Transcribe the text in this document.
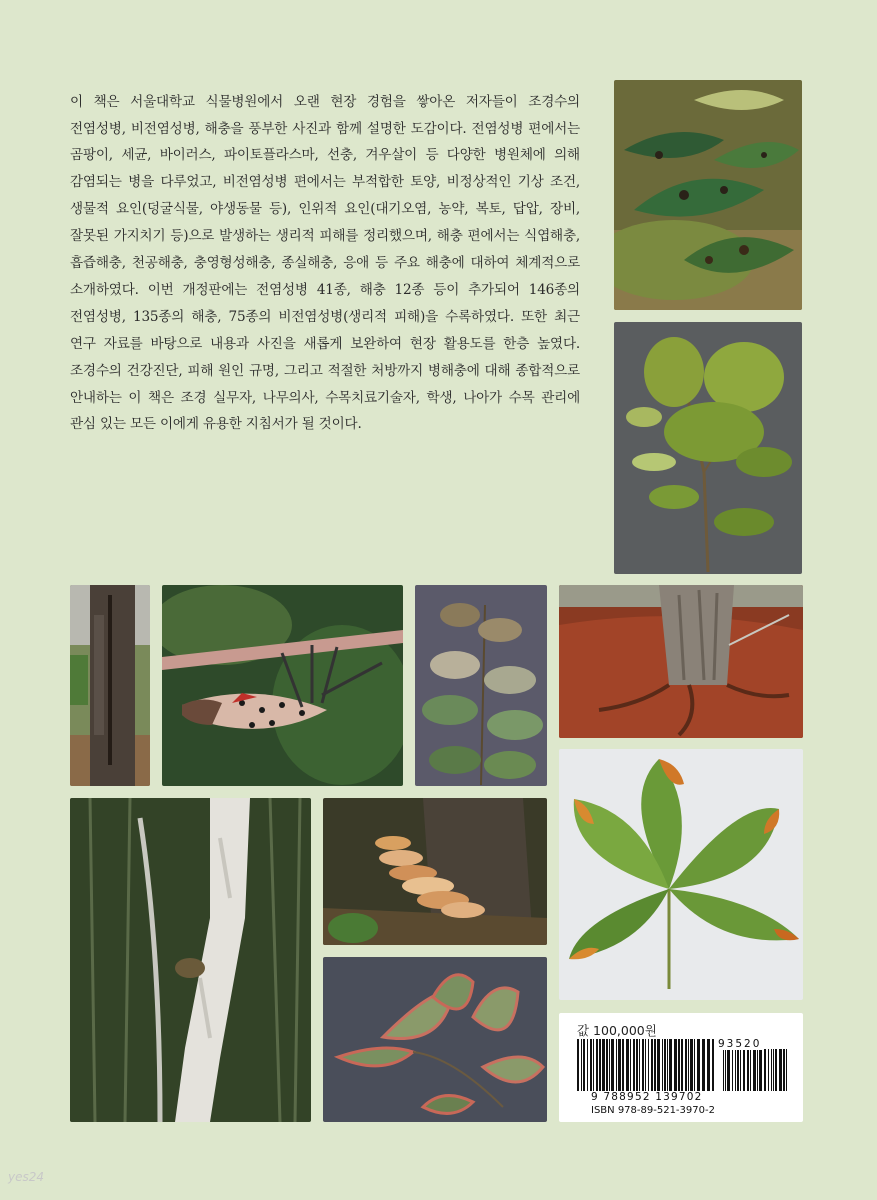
이 책은 서울대학교 식물병원에서 오랜 현장 경험을 쌓아온 저자들이 조경수의 전염성병, 비전염성병, 해충을 풍부한 사진과 함께 설명한 도감이다. 전염성병 편에서는 곰팡이, 세균, 바이러스, 파이토플라스마, 선충, 겨우살이 등 다양한 병원체에 의해 감염되는 병을 다루었고, 비전염성병 편에서는 부적합한 토양, 비정상적인 기상 조건, 생물적 요인(덩굴식물, 야생동물 등), 인위적 요인(대기오염, 농약, 복토, 답압, 장비, 잘못된 가지치기 등)으로 발생하는 생리적 피해를 정리했으며, 해충 편에서는 식엽해충, 흡즙해충, 천공해충, 충영형성해충, 종실해충, 응애 등 주요 해충에 대하여 체계적으로 소개하였다. 이번 개정판에는 전염성병 41종, 해충 12종 등이 추가되어 146종의 전염성병, 135종의 해충, 75종의 비전염성병(생리적 피해)을 수록하였다. 또한 최근 연구 자료를 바탕으로 내용과 사진을 새롭게 보완하여 현장 활용도를 한층 높였다. 조경수의 건강진단, 피해 원인 규명, 그리고 적절한 처방까지 병해충에 대해 종합적으로 안내하는 이 책은 조경 실무자, 나무의사, 수목치료기술자, 학생, 나아가 수목 관리에 관심 있는 모든 이에게 유용한 지침서가 될 것이다.

값 100,000원
93520
9 788952 139702
ISBN 978-89-521-3970-2
yes24
